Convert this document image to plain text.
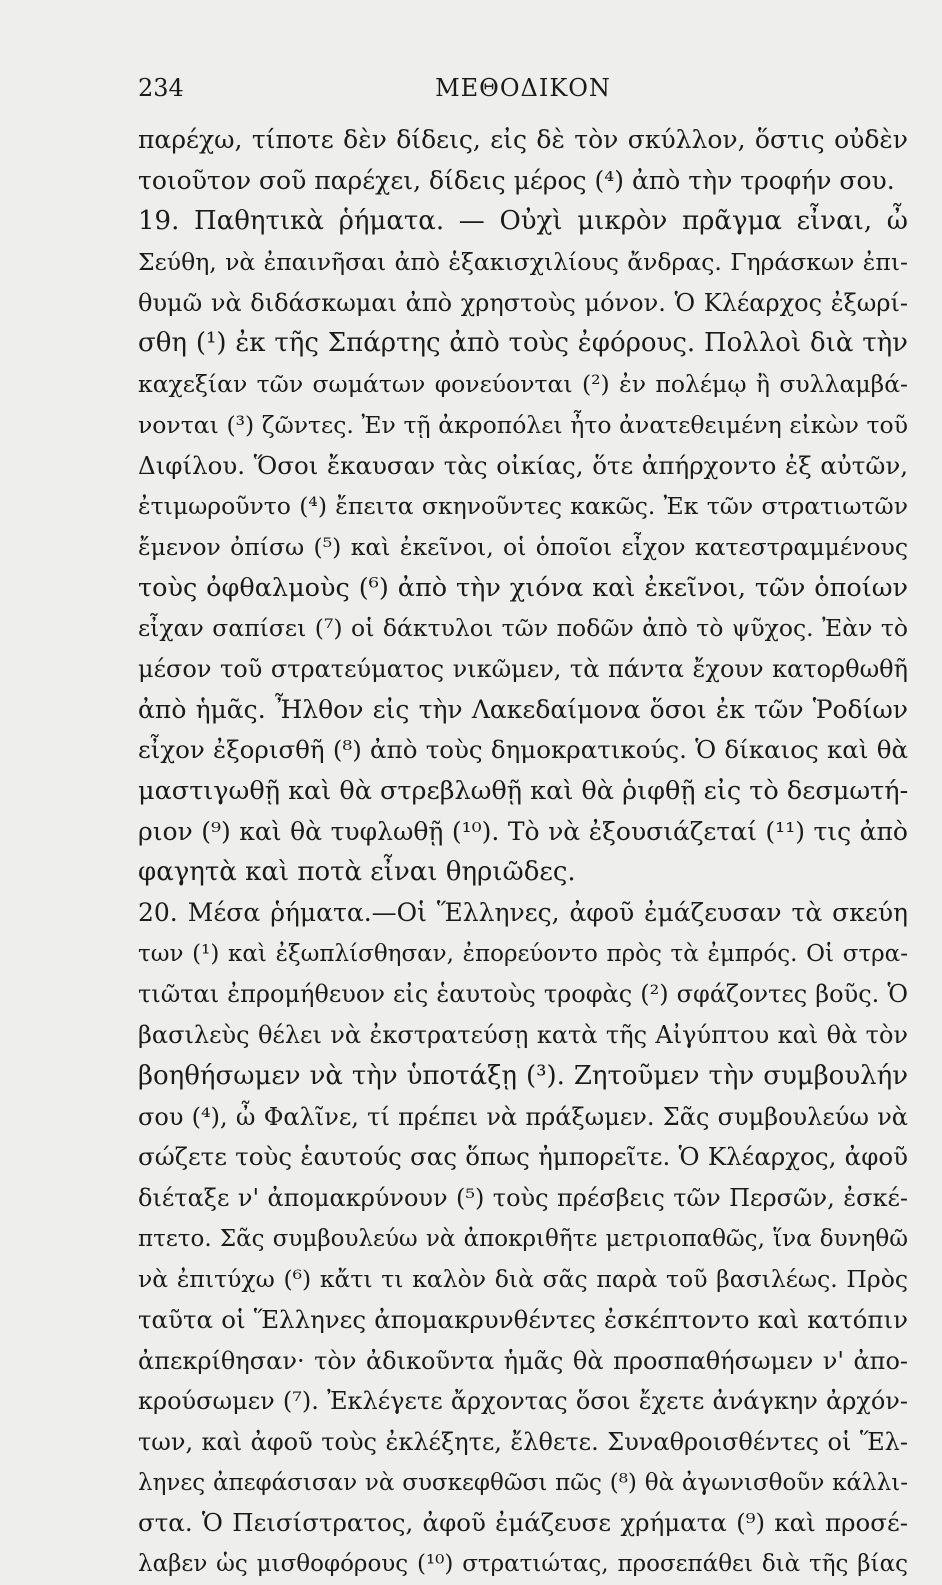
234	ΜΕΘΟΔΙΚΟΝ
παρέχω, τίποτε δὲν δίδεις, εἰς δὲ τὸν σκύλλον, ὅστις οὐδὲν
τοιοῦτον σοῦ παρέχει, δίδεις μέρος (⁴) ἀπὸ τὴν τροφήν σου.
19. Παθητικὰ ῥήματα. — Οὐχὶ μικρὸν πρᾶγμα εἶναι, ὦ
Σεύθη, νὰ ἐπαινῆσαι ἀπὸ ἑξακισχιλίους ἄνδρας. Γηράσκων ἐπι-
θυμῶ νὰ διδάσκωμαι ἀπὸ χρηστοὺς μόνον. Ὁ Κλέαρχος ἐξωρί-
σθη (¹) ἐκ τῆς Σπάρτης ἀπὸ τοὺς ἐφόρους. Πολλοὶ διὰ τὴν
καχεξίαν τῶν σωμάτων φονεύονται (²) ἐν πολέμῳ ἢ συλλαμβά-
νονται (³) ζῶντες. Ἐν τῇ ἀκροπόλει ἦτο ἀνατεθειμένη εἰκὼν τοῦ
Διφίλου. Ὅσοι ἔκαυσαν τὰς οἰκίας, ὅτε ἀπήρχοντο ἐξ αὐτῶν,
ἐτιμωροῦντο (⁴) ἔπειτα σκηνοῦντες κακῶς. Ἐκ τῶν στρατιωτῶν
ἔμενον ὀπίσω (⁵) καὶ ἐκεῖνοι, οἱ ὁποῖοι εἶχον κατεστραμμένους
τοὺς ὀφθαλμοὺς (⁶) ἀπὸ τὴν χιόνα καὶ ἐκεῖνοι, τῶν ὁποίων
εἶχαν σαπίσει (⁷) οἱ δάκτυλοι τῶν ποδῶν ἀπὸ τὸ ψῦχος. Ἐὰν τὸ
μέσον τοῦ στρατεύματος νικῶμεν, τὰ πάντα ἔχουν κατορθωθῆ
ἀπὸ ἡμᾶς. Ἦλθον εἰς τὴν Λακεδαίμονα ὅσοι ἐκ τῶν Ῥοδίων
εἶχον ἐξορισθῆ (⁸) ἀπὸ τοὺς δημοκρατικούς. Ὁ δίκαιος καὶ θὰ
μαστιγωθῇ καὶ θὰ στρεβλωθῇ καὶ θὰ ῥιφθῇ εἰς τὸ δεσμωτή-
ριον (⁹) καὶ θὰ τυφλωθῇ (¹⁰). Τὸ νὰ ἐξουσιάζεταί (¹¹) τις ἀπὸ
φαγητὰ καὶ ποτὰ εἶναι θηριῶδες.
20. Μέσα ῥήματα.—Οἱ Ἕλληνες, ἀφοῦ ἐμάζευσαν τὰ σκεύη
των (¹) καὶ ἐξωπλίσθησαν, ἐπορεύοντο πρὸς τὰ ἐμπρός. Οἱ στρα-
τιῶται ἐπρομήθευον εἰς ἑαυτοὺς τροφὰς (²) σφάζοντες βοῦς. Ὁ
βασιλεὺς θέλει νὰ ἐκστρατεύσῃ κατὰ τῆς Αἰγύπτου καὶ θὰ τὸν
βοηθήσωμεν νὰ τὴν ὑποτάξῃ (³). Ζητοῦμεν τὴν συμβουλήν
σου (⁴), ὦ Φαλῖνε, τί πρέπει νὰ πράξωμεν. Σᾶς συμβουλεύω νὰ
σώζετε τοὺς ἑαυτούς σας ὅπως ἠμπορεῖτε. Ὁ Κλέαρχος, ἀφοῦ
διέταξε ν' ἀπομακρύνουν (⁵) τοὺς πρέσβεις τῶν Περσῶν, ἐσκέ-
πτετο. Σᾶς συμβουλεύω νὰ ἀποκριθῆτε μετριοπαθῶς, ἵνα δυνηθῶ
νὰ ἐπιτύχω (⁶) κἄτι τι καλὸν διὰ σᾶς παρὰ τοῦ βασιλέως. Πρὸς
ταῦτα οἱ Ἕλληνες ἀπομακρυνθέντες ἐσκέπτοντο καὶ κατόπιν
ἀπεκρίθησαν· τὸν ἀδικοῦντα ἡμᾶς θὰ προσπαθήσωμεν ν' ἀπο-
κρούσωμεν (⁷). Ἐκλέγετε ἄρχοντας ὅσοι ἔχετε ἀνάγκην ἀρχόν-
των, καὶ ἀφοῦ τοὺς ἐκλέξητε, ἔλθετε. Συναθροισθέντες οἱ Ἕλ-
ληνες ἀπεφάσισαν νὰ συσκεφθῶσι πῶς (⁸) θὰ ἀγωνισθοῦν κάλλι-
στα. Ὁ Πεισίστρατος, ἀφοῦ ἐμάζευσε χρήματα (⁹) καὶ προσέ-
λαβεν ὡς μισθοφόρους (¹⁰) στρατιώτας, προσεπάθει διὰ τῆς βίας
